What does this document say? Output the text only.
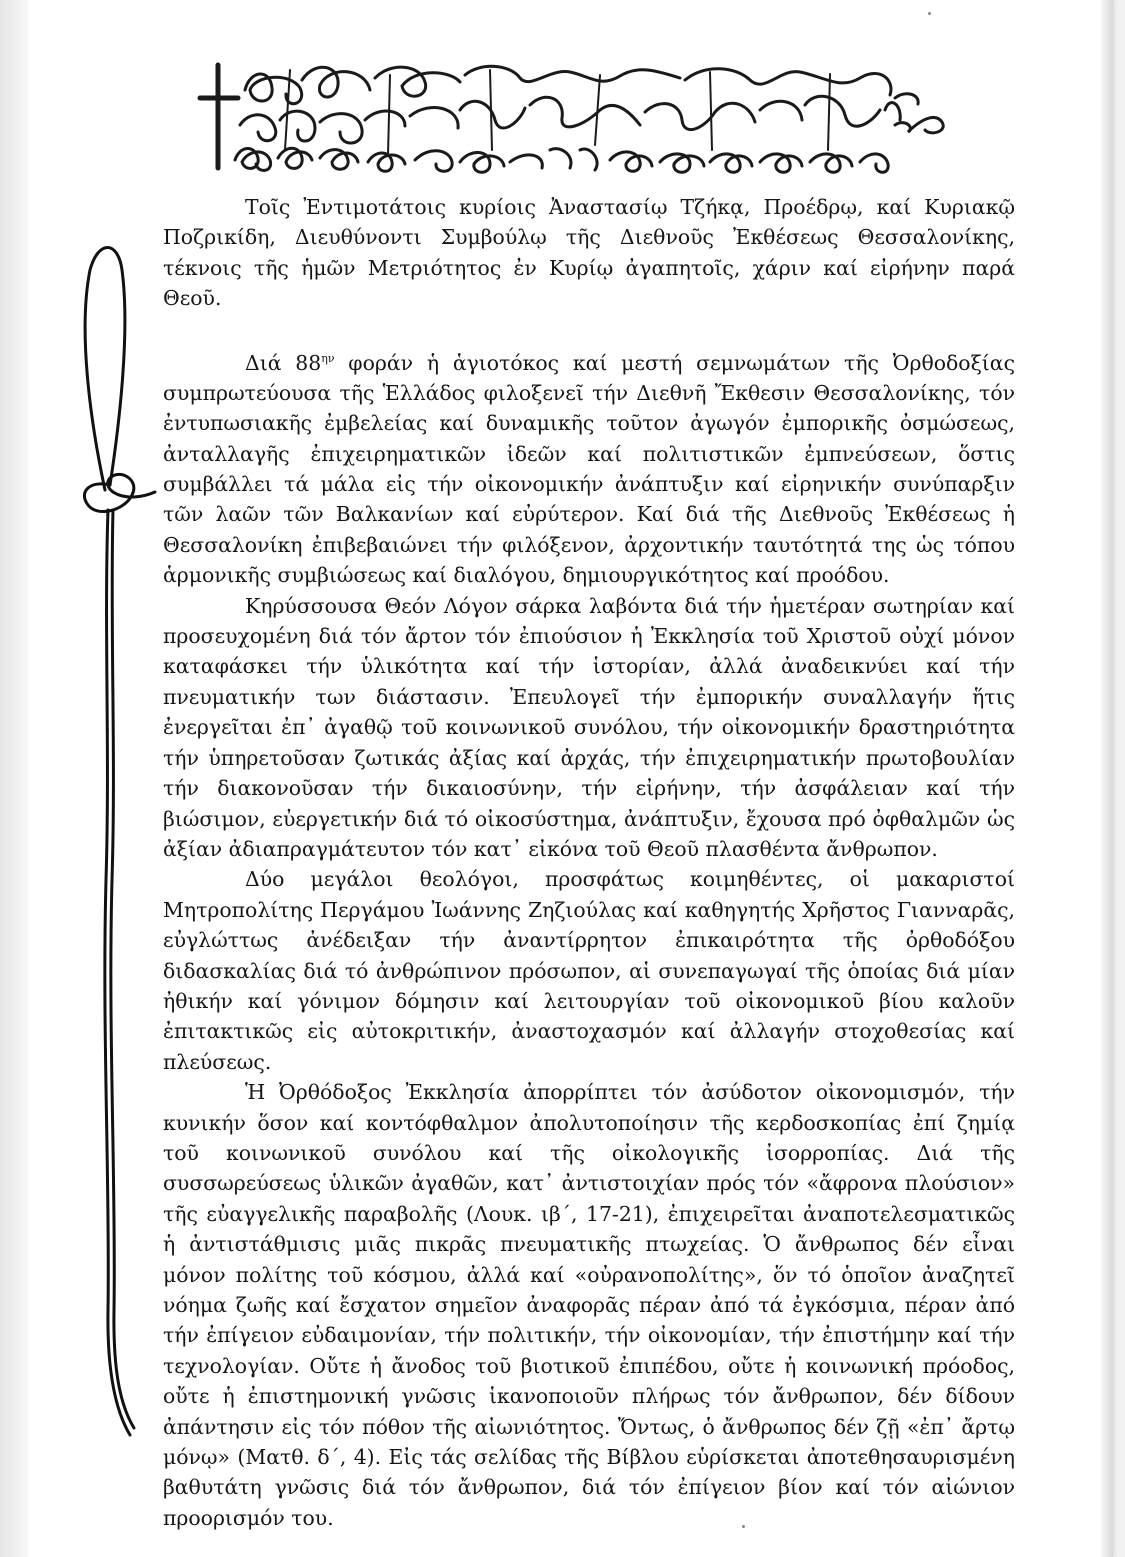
Τοῖς Ἐντιμοτάτοις κυρίοις Ἀναστασίῳ Τζήκᾳ, Προέδρῳ, καί Κυριακῷ Ποζρικίδη, Διευθύνοντι Συμβούλῳ τῆς Διεθνοῦς Ἐκθέσεως Θεσσαλονίκης, τέκνοις τῆς ἡμῶν Μετριότητος ἐν Κυρίῳ ἀγαπητοῖς, χάριν καί εἰρήνην παρά Θεοῦ.

Διά $88^{\eta\nu}$ φοράν ἡ ἁγιοτόκος καί μεστή σεμνωμάτων τῆς Ὀρθοδοξίας συμπρωτεύουσα τῆς Ἑλλάδος φιλοξενεῖ τήν Διεθνῆ Ἔκθεσιν Θεσσαλονίκης, τόν ἐντυπωσιακῆς ἐμβελείας καί δυναμικῆς τοῦτον ἀγωγόν ἐμπορικῆς ὀσμώσεως, ἀνταλλαγῆς ἐπιχειρηματικῶν ἰδεῶν καί πολιτιστικῶν ἐμπνεύσεων, ὅστις συμβάλλει τά μάλα εἰς τήν οἰκονομικήν ἀνάπτυξιν καί εἰρηνικήν συνύπαρξιν τῶν λαῶν τῶν Βαλκανίων καί εὐρύτερον. Καί διά τῆς Διεθνοῦς Ἐκθέσεως ἡ Θεσσαλονίκη ἐπιβεβαιώνει τήν φιλόξενον, ἀρχοντικήν ταυτότητά της ὡς τόπου ἁρμονικῆς συμβιώσεως καί διαλόγου, δημιουργικότητος καί προόδου.

Κηρύσσουσα Θεόν Λόγον σάρκα λαβόντα διά τήν ἡμετέραν σωτηρίαν καί προσευχομένη διά τόν ἄρτον τόν ἐπιούσιον ἡ Ἐκκλησία τοῦ Χριστοῦ οὐχί μόνον καταφάσκει τήν ὑλικότητα καί τήν ἱστορίαν, ἀλλά ἀναδεικνύει καί τήν πνευματικήν των διάστασιν. Ἐπευλογεῖ τήν ἐμπορικήν συναλλαγήν ἥτις ἐνεργεῖται ἐπ᾿ ἀγαθῷ τοῦ κοινωνικοῦ συνόλου, τήν οἰκονομικήν δραστηριότητα τήν ὑπηρετοῦσαν ζωτικάς ἀξίας καί ἀρχάς, τήν ἐπιχειρηματικήν πρωτοβουλίαν τήν διακονοῦσαν τήν δικαιοσύνην, τήν εἰρήνην, τήν ἀσφάλειαν καί τήν βιώσιμον, εὐεργετικήν διά τό οἰκοσύστημα, ἀνάπτυξιν, ἔχουσα πρό ὀφθαλμῶν ὡς ἀξίαν ἀδιαπραγμάτευτον τόν κατ᾿ εἰκόνα τοῦ Θεοῦ πλασθέντα ἄνθρωπον.

Δύο μεγάλοι θεολόγοι, προσφάτως κοιμηθέντες, οἱ μακαριστοί Μητροπολίτης Περγάμου Ἰωάννης Ζηζιούλας καί καθηγητής Χρῆστος Γιανναρᾶς, εὐγλώττως ἀνέδειξαν τήν ἀναντίρρητον ἐπικαιρότητα τῆς ὀρθοδόξου διδασκαλίας διά τό ἀνθρώπινον πρόσωπον, αἱ συνεπαγωγαί τῆς ὁποίας διά μίαν ἠθικήν καί γόνιμον δόμησιν καί λειτουργίαν τοῦ οἰκονομικοῦ βίου καλοῦν ἐπιτακτικῶς εἰς αὐτοκριτικήν, ἀναστοχασμόν καί ἀλλαγήν στοχοθεσίας καί πλεύσεως.

Ἡ Ὀρθόδοξος Ἐκκλησία ἀπορρίπτει τόν ἀσύδοτον οἰκονομισμόν, τήν κυνικήν ὅσον καί κοντόφθαλμον ἀπολυτοποίησιν τῆς κερδοσκοπίας ἐπί ζημίᾳ τοῦ κοινωνικοῦ συνόλου καί τῆς οἰκολογικῆς ἰσορροπίας. Διά τῆς συσσωρεύσεως ὑλικῶν ἀγαθῶν, κατ᾿ ἀντιστοιχίαν πρός τόν «ἄφρονα πλούσιον» τῆς εὐαγγελικῆς παραβολῆς (Λουκ. ιβ΄, 17-21), ἐπιχειρεῖται ἀναποτελεσματικῶς ἡ ἀντιστάθμισις μιᾶς πικρᾶς πνευματικῆς πτωχείας. Ὁ ἄνθρωπος δέν εἶναι μόνον πολίτης τοῦ κόσμου, ἀλλά καί «οὐρανοπολίτης», ὅν τό ὁποῖον ἀναζητεῖ νόημα ζωῆς καί ἔσχατον σημεῖον ἀναφορᾶς πέραν ἀπό τά ἐγκόσμια, πέραν ἀπό τήν ἐπίγειον εὐδαιμονίαν, τήν πολιτικήν, τήν οἰκονομίαν, τήν ἐπιστήμην καί τήν τεχνολογίαν. Οὔτε ἡ ἄνοδος τοῦ βιοτικοῦ ἐπιπέδου, οὔτε ἡ κοινωνική πρόοδος, οὔτε ἡ ἐπιστημονική γνῶσις ἱκανοποιοῦν πλήρως τόν ἄνθρωπον, δέν δίδουν ἀπάντησιν εἰς τόν πόθον τῆς αἰωνιότητος. Ὄντως, ὁ ἄνθρωπος δέν ζῇ «ἐπ᾿ ἄρτῳ μόνῳ» (Ματθ. δ΄, 4). Εἰς τάς σελίδας τῆς Βίβλου εὑρίσκεται ἀποτεθησαυρισμένη βαθυτάτη γνῶσις διά τόν ἄνθρωπον, διά τόν ἐπίγειον βίον καί τόν αἰώνιον προορισμόν του.
